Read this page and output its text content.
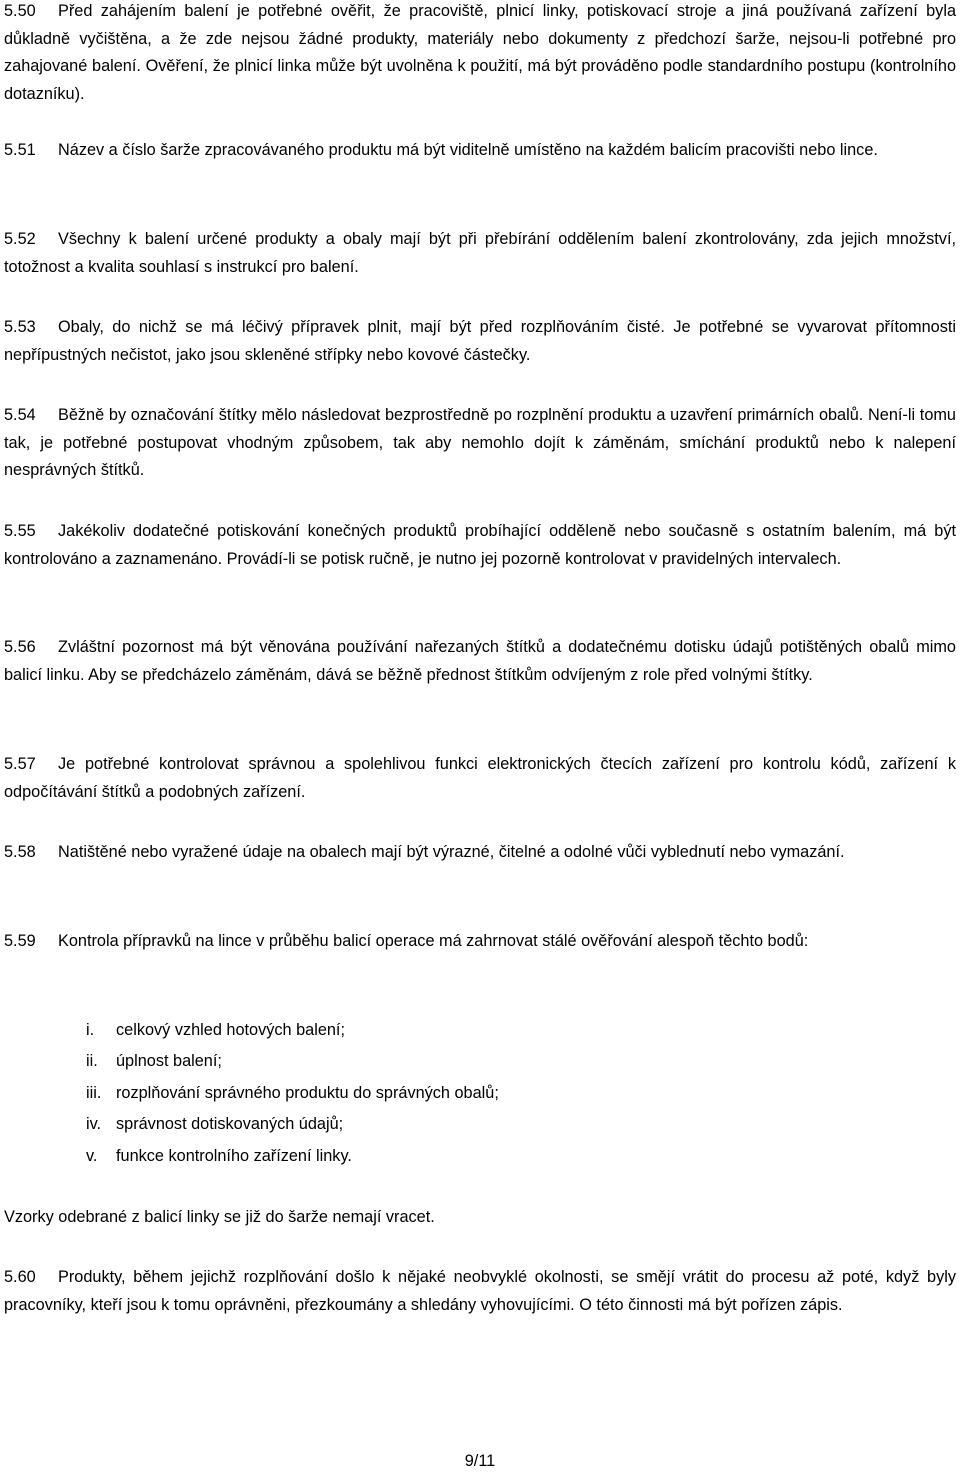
5.50 Před zahájením balení je potřebné ověřit, že pracoviště, plnicí linky, potiskovací stroje a jiná používaná zařízení byla důkladně vyčištěna, a že zde nejsou žádné produkty, materiály nebo dokumenty z předchozí šarže, nejsou-li potřebné pro zahajované balení. Ověření, že plnicí linka může být uvolněna k použití, má být prováděno podle standardního postupu (kontrolního dotazníku).

5.51 Název a číslo šarže zpracovávaného produktu má být viditelně umístěno na každém balicím pracovišti nebo lince.

5.52 Všechny k balení určené produkty a obaly mají být při přebírání oddělením balení zkontrolovány, zda jejich množství, totožnost a kvalita souhlasí s instrukcí pro balení.

5.53 Obaly, do nichž se má léčivý přípravek plnit, mají být před rozplňováním čisté. Je potřebné se vyvarovat přítomnosti nepřípustných nečistot, jako jsou skleněné střípky nebo kovové částečky.

5.54 Běžně by označování štítky mělo následovat bezprostředně po rozplnění produktu a uzavření primárních obalů. Není-li tomu tak, je potřebné postupovat vhodným způsobem, tak aby nemohlo dojít k záměnám, smíchání produktů nebo k nalepení nesprávných štítků.

5.55 Jakékoliv dodatečné potiskování konečných produktů probíhající odděleně nebo současně s ostatním balením, má být kontrolováno a zaznamenáno. Provádí-li se potisk ručně, je nutno jej pozorně kontrolovat v pravidelných intervalech.

5.56 Zvláštní pozornost má být věnována používání nařezaných štítků a dodatečnému dotisku údajů potištěných obalů mimo balicí linku. Aby se předcházelo záměnám, dává se běžně přednost štítkům odvíjeným z role před volnými štítky.

5.57 Je potřebné kontrolovat správnou a spolehlivou funkci elektronických čtecích zařízení pro kontrolu kódů, zařízení k odpočítávání štítků a podobných zařízení.

5.58 Natištěné nebo vyražené údaje na obalech mají být výrazné, čitelné a odolné vůči vyblednutí nebo vymazání.

5.59 Kontrola přípravků na lince v průběhu balicí operace má zahrnovat stálé ověřování alespoň těchto bodů:

i. celkový vzhled hotových balení;
ii. úplnost balení;
iii. rozplňování správného produktu do správných obalů;
iv. správnost dotiskovaných údajů;
v. funkce kontrolního zařízení linky.

Vzorky odebrané z balicí linky se již do šarže nemají vracet.

5.60 Produkty, během jejichž rozplňování došlo k nějaké neobvyklé okolnosti, se smějí vrátit do procesu až poté, když byly pracovníky, kteří jsou k tomu oprávněni, přezkoumány a shledány vyhovujícími. O této činnosti má být pořízen zápis.

9/11
